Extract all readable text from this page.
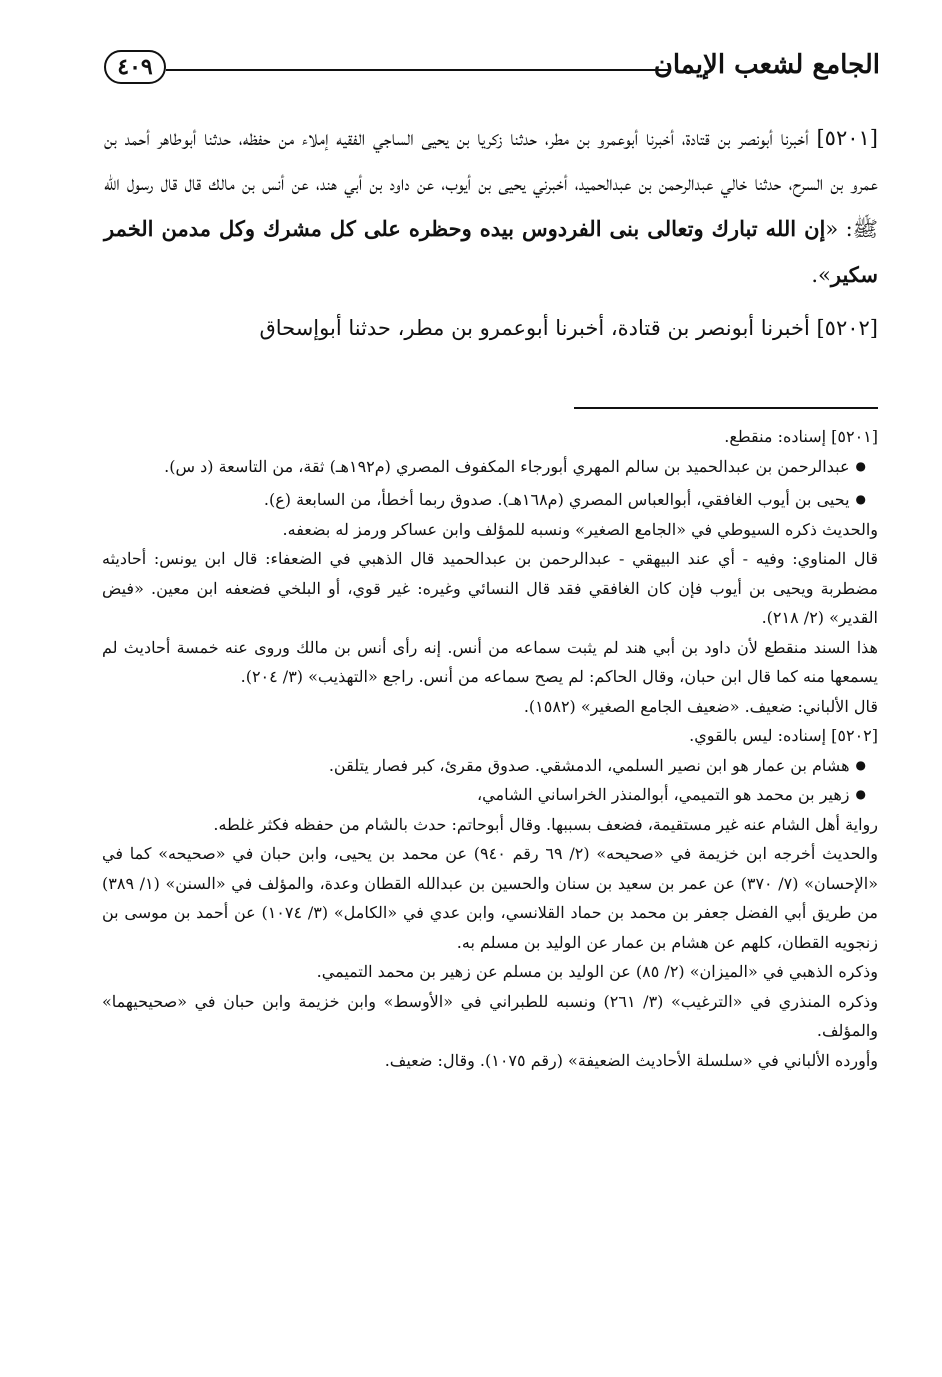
الجامع لشعب الإيمان
٤٠٩

[٥٢٠١] أخبرنا أبونصر بن قتادة، أخبرنا أبوعمرو بن مطر، حدثنا زكريا بن يحيى الساجي الفقيه إملاء من حفظه، حدثنا أبوطاهر أحمد بن عمرو بن السرح، حدثنا خالي عبدالرحمن بن عبدالحميد، أخبرني يحيى بن أيوب، عن داود بن أبي هند، عن أنس بن مالك قال قال رسول الله ﷺ: «إن الله تبارك وتعالى بنى الفردوس بيده وحظره على كل مشرك وكل مدمن الخمر سكير».

[٥٢٠٢] أخبرنا أبونصر بن قتادة، أخبرنا أبوعمرو بن مطر، حدثنا أبوإسحاق

[٥٢٠١] إسناده: منقطع.

●عبدالرحمن بن عبدالحميد بن سالم المهري أبورجاء المكفوف المصري (م١٩٢هـ) ثقة، من التاسعة (د س).

●يحيى بن أيوب الغافقي، أبوالعباس المصري (م١٦٨هـ). صدوق ربما أخطأ، من السابعة (ع).

والحديث ذكره السيوطي في «الجامع الصغير» ونسبه للمؤلف وابن عساكر ورمز له بضعفه.

قال المناوي: وفيه - أي عند البيهقي - عبدالرحمن بن عبدالحميد قال الذهبي في الضعفاء: قال ابن يونس: أحاديثه مضطربة ويحيى بن أيوب فإن كان الغافقي فقد قال النسائي وغيره: غير قوي، أو البلخي فضعفه ابن معين. «فيض القدير» (٢/ ٢١٨).

هذا السند منقطع لأن داود بن أبي هند لم يثبت سماعه من أنس. إنه رأى أنس بن مالك وروى عنه خمسة أحاديث لم يسمعها منه كما قال ابن حبان، وقال الحاكم: لم يصح سماعه من أنس. راجع «التهذيب» (٣/ ٢٠٤).

قال الألباني: ضعيف. «ضعيف الجامع الصغير» (١٥٨٢).

[٥٢٠٢] إسناده: ليس بالقوي.

●هشام بن عمار هو ابن نصير السلمي، الدمشقي. صدوق مقرئ، كبر فصار يتلقن.

●زهير بن محمد هو التميمي، أبوالمنذر الخراساني الشامي،

رواية أهل الشام عنه غير مستقيمة، فضعف بسببها. وقال أبوحاتم: حدث بالشام من حفظه فكثر غلطه.

والحديث أخرجه ابن خزيمة في «صحيحه» (٢/ ٦٩ رقم ٩٤٠) عن محمد بن يحيى، وابن حبان في «صحيحه» كما في «الإحسان» (٧/ ٣٧٠) عن عمر بن سعيد بن سنان والحسين بن عبدالله القطان وعدة، والمؤلف في «السنن» (١/ ٣٨٩) من طريق أبي الفضل جعفر بن محمد بن حماد القلانسي، وابن عدي في «الكامل» (٣/ ١٠٧٤) عن أحمد بن موسى بن زنجويه القطان، كلهم عن هشام بن عمار عن الوليد بن مسلم به.

وذكره الذهبي في «الميزان» (٢/ ٨٥) عن الوليد بن مسلم عن زهير بن محمد التميمي.

وذكره المنذري في «الترغيب» (٣/ ٢٦١) ونسبه للطبراني في «الأوسط» وابن خزيمة وابن حبان في «صحيحيهما» والمؤلف.

وأورده الألباني في «سلسلة الأحاديث الضعيفة» (رقم ١٠٧٥). وقال: ضعيف.
